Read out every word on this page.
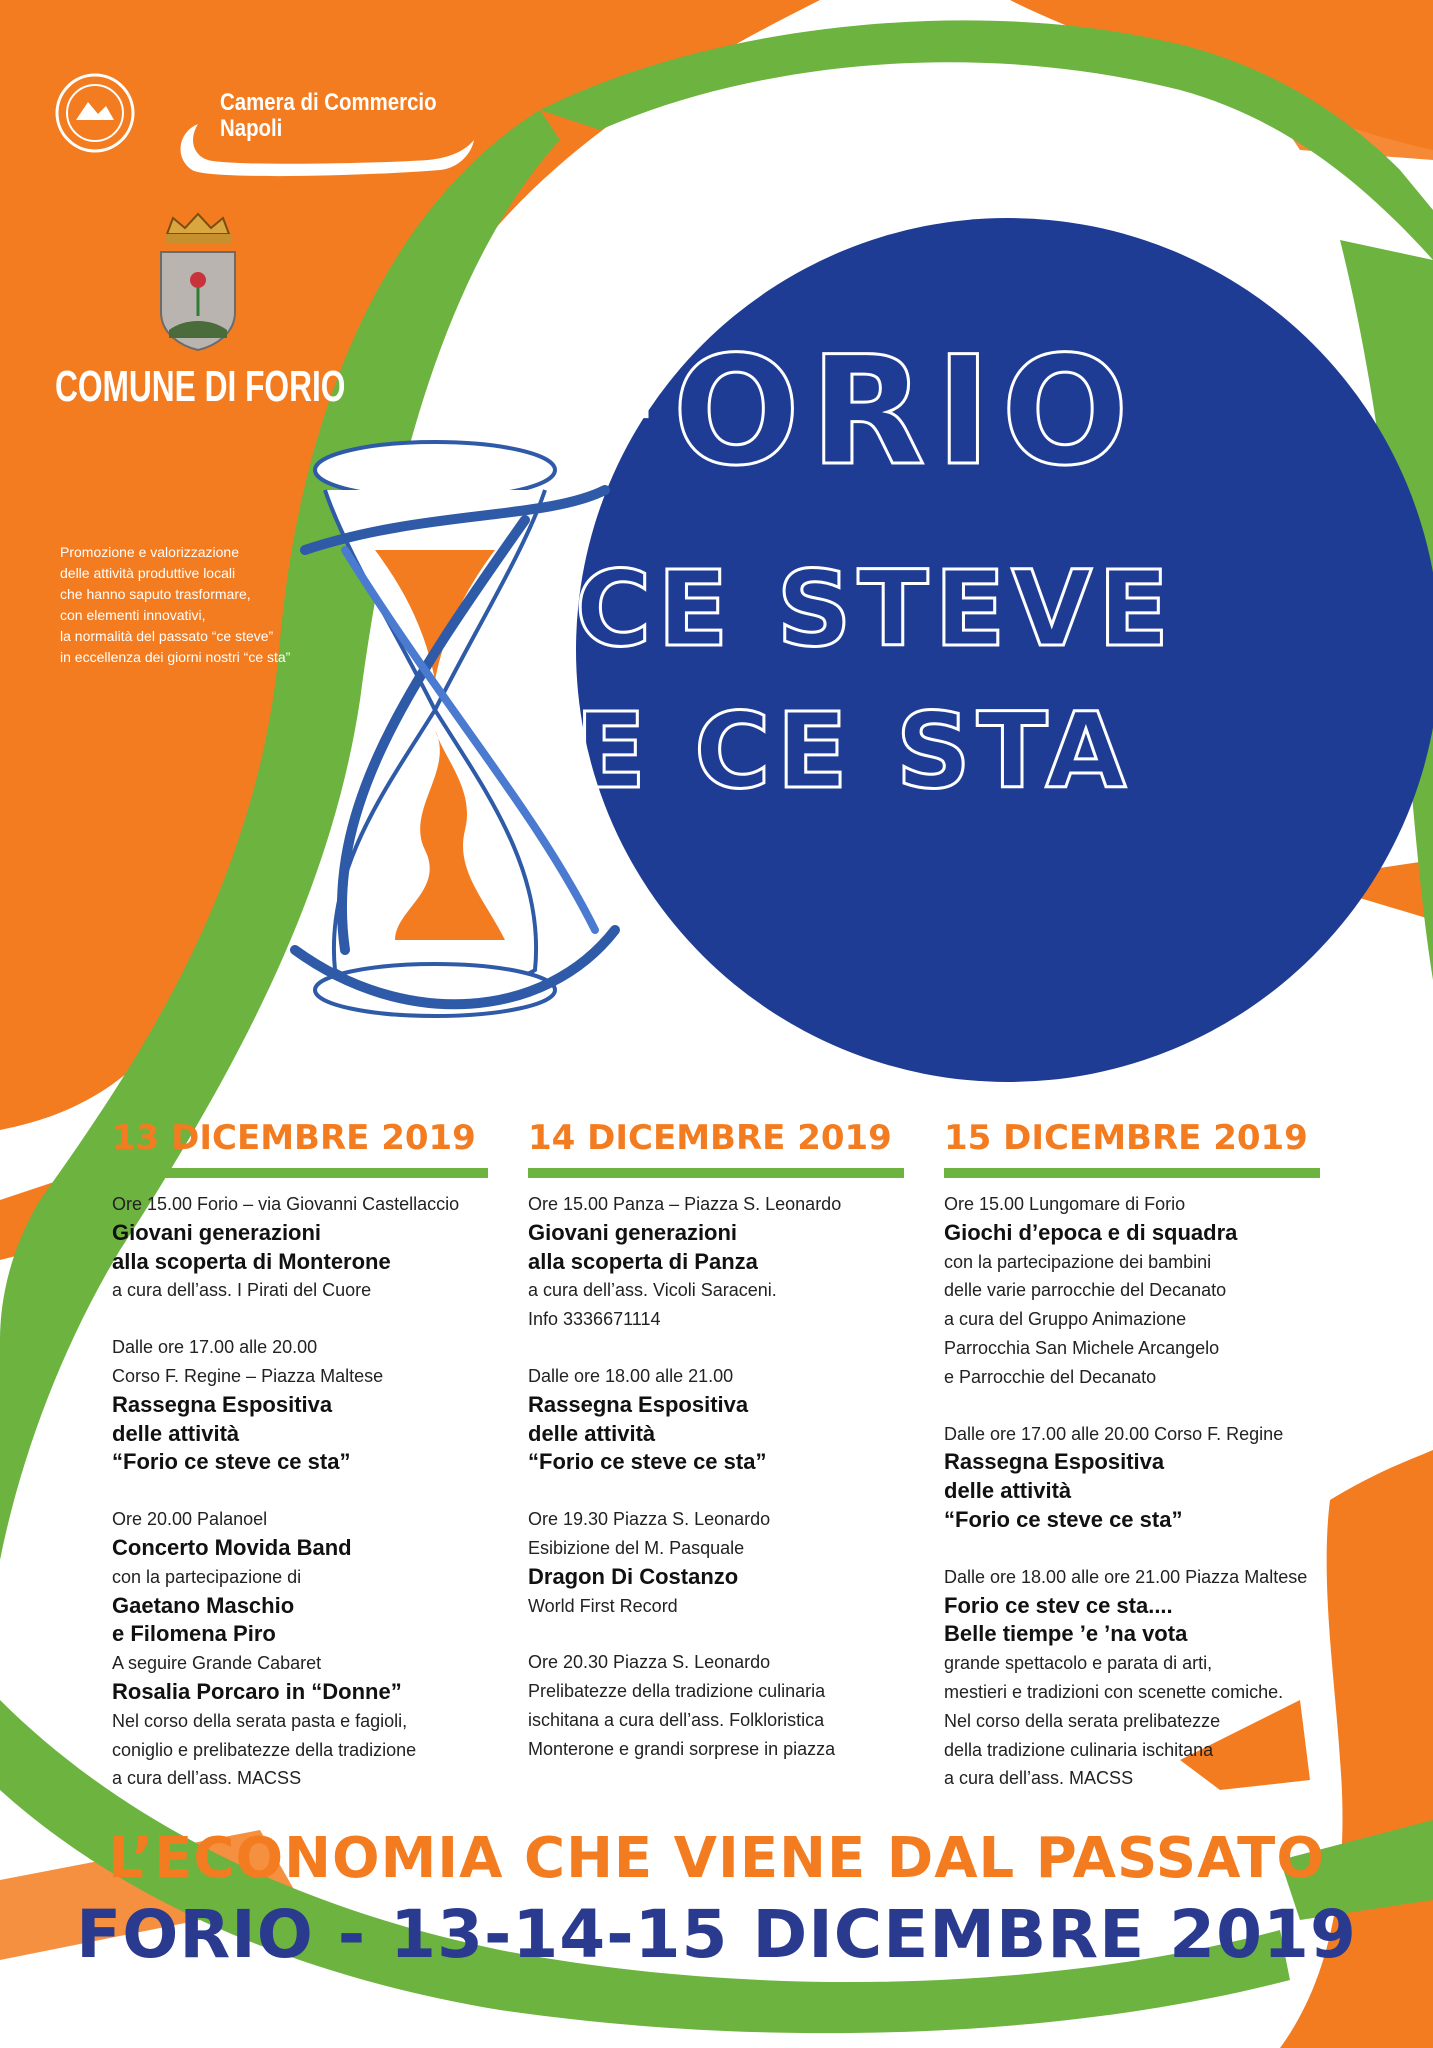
Camera di Commercio
Napoli
COMUNE DI FORIO
Promozione e valorizzazione
delle attività produttive locali
che hanno saputo trasformare,
con elementi innovativi,
la normalità del passato “ce steve”
in eccellenza dei giorni nostri “ce sta”
FORIO
CE STEVE
E CE STA
13 DICEMBRE 2019
Ore 15.00 Forio – via Giovanni Castellaccio
Giovani generazioni
alla scoperta di Monterone
a cura dell’ass. I Pirati del Cuore
Dalle ore 17.00 alle 20.00
Corso F. Regine – Piazza Maltese
Rassegna Espositiva
delle attività
“Forio ce steve ce sta”
Ore 20.00 Palanoel
Concerto Movida Band
con la partecipazione di
Gaetano Maschio
e Filomena Piro
A seguire Grande Cabaret
Rosalia Porcaro in “Donne”
Nel corso della serata pasta e fagioli,
coniglio e prelibatezze della tradizione
a cura dell’ass. MACSS
14 DICEMBRE 2019
Ore 15.00 Panza – Piazza S. Leonardo
Giovani generazioni
alla scoperta di Panza
a cura dell’ass. Vicoli Saraceni.
Info 3336671114
Dalle ore 18.00 alle 21.00
Rassegna Espositiva
delle attività
“Forio ce steve ce sta”
Ore 19.30 Piazza S. Leonardo
Esibizione del M. Pasquale
Dragon Di Costanzo
World First Record
Ore 20.30 Piazza S. Leonardo
Prelibatezze della tradizione culinaria
ischitana a cura dell’ass. Folkloristica
Monterone e grandi sorprese in piazza
15 DICEMBRE 2019
Ore 15.00 Lungomare di Forio
Giochi d’epoca e di squadra
con la partecipazione dei bambini
delle varie parrocchie del Decanato
a cura del Gruppo Animazione
Parrocchia San Michele Arcangelo
e Parrocchie del Decanato
Dalle ore 17.00 alle 20.00 Corso F. Regine
Rassegna Espositiva
delle attività
“Forio ce steve ce sta”
Dalle ore 18.00 alle ore 21.00 Piazza Maltese
Forio ce stev ce sta....
Belle tiempe ’e ’na vota
grande spettacolo e parata di arti,
mestieri e tradizioni con scenette comiche.
Nel corso della serata prelibatezze
della tradizione culinaria ischitana
a cura dell’ass. MACSS
L’ECONOMIA CHE VIENE DAL PASSATO
FORIO - 13-14-15 DICEMBRE 2019
